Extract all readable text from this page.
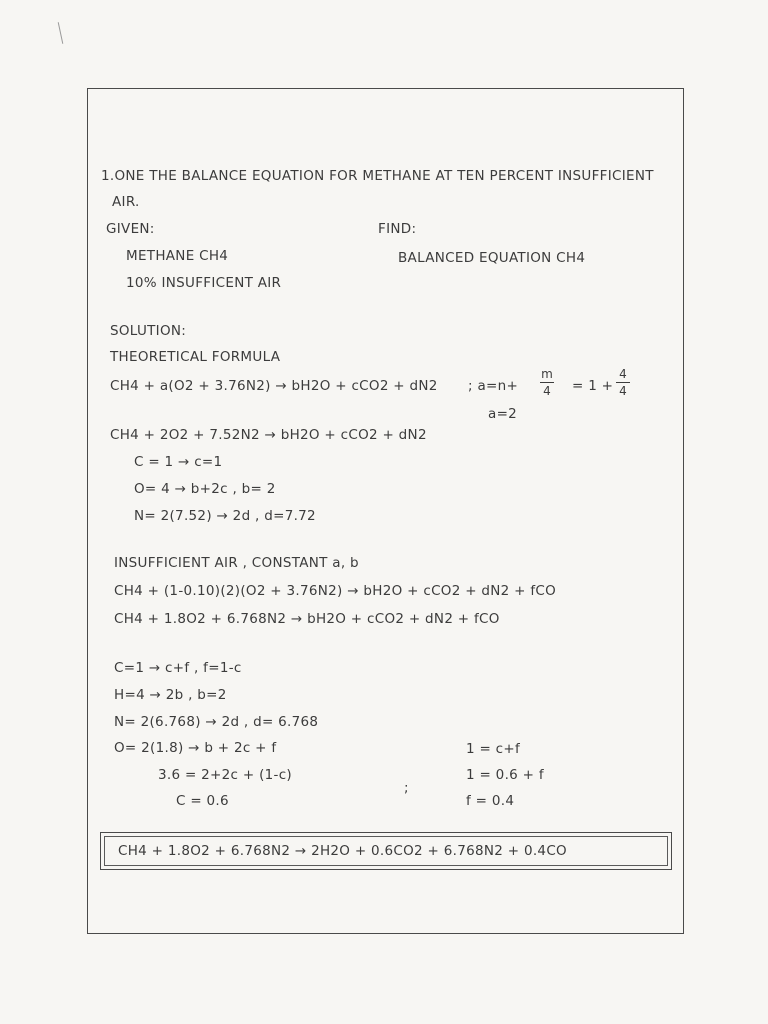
1.ONE THE BALANCE EQUATION FOR METHANE AT TEN PERCENT INSUFFICIENT

AIR.

GIVEN:

METHANE CH4

10% INSUFFICENT AIR

FIND:

BALANCED EQUATION CH4

SOLUTION:

THEORETICAL FORMULA

CH4 + a(O2 + 3.76N2) → bH2O + cCO2 + dN2 ; a=n+

m
4 = 1 +

4
4

a=2

CH4 + 2O2 + 7.52N2 → bH2O + cCO2 + dN2

C = 1 → c=1

O= 4 → b+2c , b= 2

N= 2(7.52) → 2d , d=7.72

INSUFFICIENT AIR , CONSTANT a, b

CH4 + (1-0.10)(2)(O2 + 3.76N2) → bH2O + cCO2 + dN2 + fCO

CH4 + 1.8O2 + 6.768N2 → bH2O + cCO2 + dN2 + fCO

C=1 → c+f , f=1-c

H=4 → 2b , b=2

N= 2(6.768) → 2d , d= 6.768

O= 2(1.8) → b + 2c + f

3.6 = 2+2c + (1-c)

C = 0.6

;

1 = c+f

1 = 0.6 + f

f = 0.4

CH4 + 1.8O2 + 6.768N2 → 2H2O + 0.6CO2 + 6.768N2 + 0.4CO
